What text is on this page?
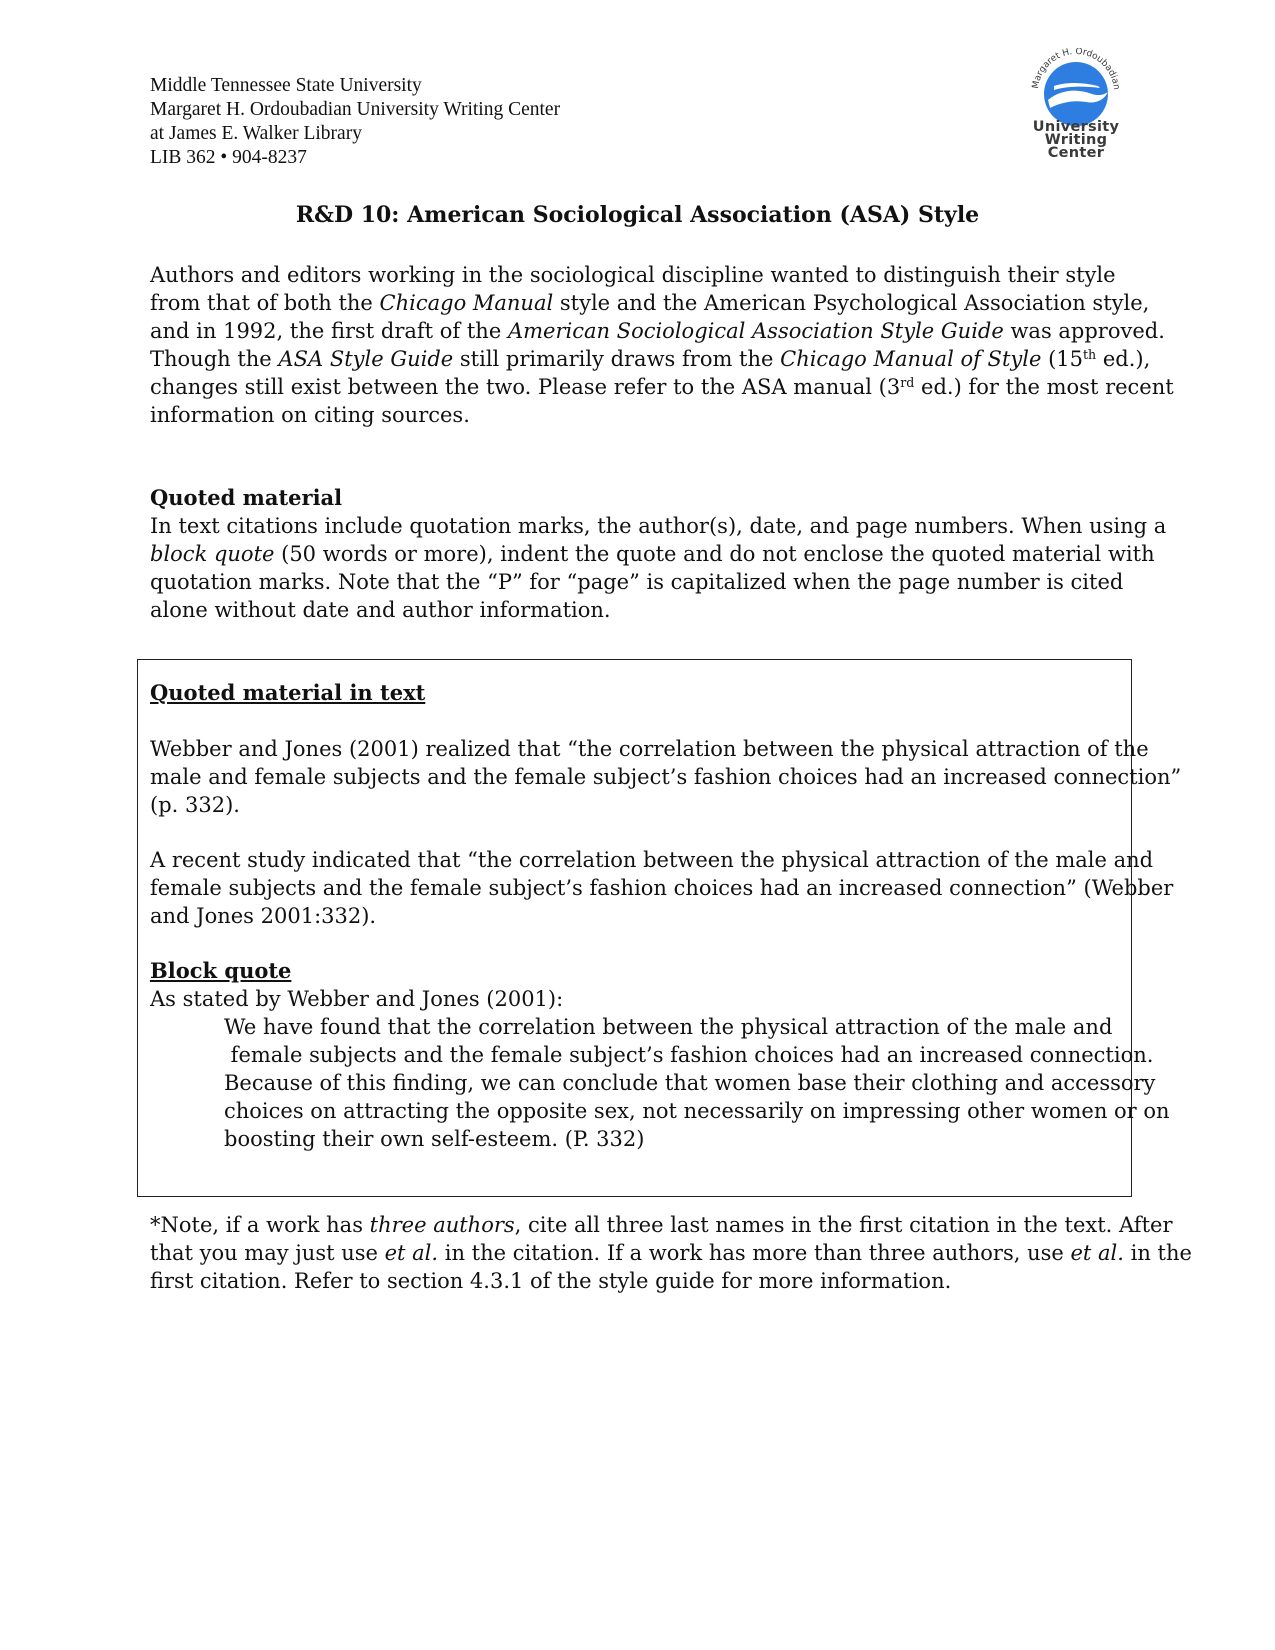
Middle Tennessee State University
Margaret H. Ordoubadian University Writing Center
at James E. Walker Library
LIB 362 • 904-8237
Margaret H. Ordoubadian
University
Writing
Center
R&D 10: American Sociological Association (ASA) Style
Authors and editors working in the sociological discipline wanted to distinguish their style
from that of both the Chicago Manual style and the American Psychological Association style,
and in 1992, the first draft of the American Sociological Association Style Guide was approved.
Though the ASA Style Guide still primarily draws from the Chicago Manual of Style (15th ed.),
changes still exist between the two. Please refer to the ASA manual (3rd ed.) for the most recent
information on citing sources.
Quoted material
In text citations include quotation marks, the author(s), date, and page numbers. When using a
block quote (50 words or more), indent the quote and do not enclose the quoted material with
quotation marks. Note that the “P” for “page” is capitalized when the page number is cited
alone without date and author information.
Quoted material in text
Webber and Jones (2001) realized that “the correlation between the physical attraction of the
male and female subjects and the female subject’s fashion choices had an increased connection”
(p. 332).
A recent study indicated that “the correlation between the physical attraction of the male and
female subjects and the female subject’s fashion choices had an increased connection” (Webber
and Jones 2001:332).
Block quote
As stated by Webber and Jones (2001):
We have found that the correlation between the physical attraction of the male and
female subjects and the female subject’s fashion choices had an increased connection.
Because of this finding, we can conclude that women base their clothing and accessory
choices on attracting the opposite sex, not necessarily on impressing other women or on
boosting their own self-esteem. (P. 332)
*Note, if a work has three authors, cite all three last names in the first citation in the text. After
that you may just use et al. in the citation. If a work has more than three authors, use et al. in the
first citation. Refer to section 4.3.1 of the style guide for more information.
